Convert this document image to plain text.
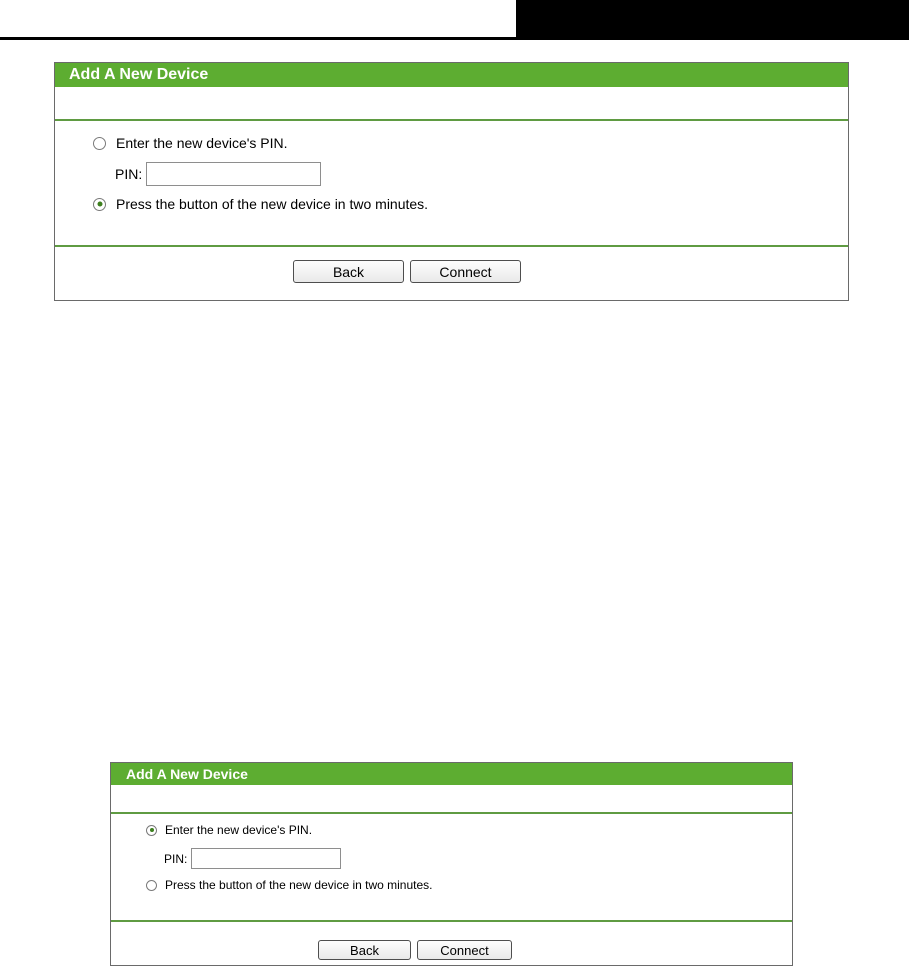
Add A New Device
Enter the new device's PIN.
PIN:
Press the button of the new device in two minutes.
Back	Connect
Add A New Device
Enter the new device's PIN.
PIN:
Press the button of the new device in two minutes.
Back	Connect
